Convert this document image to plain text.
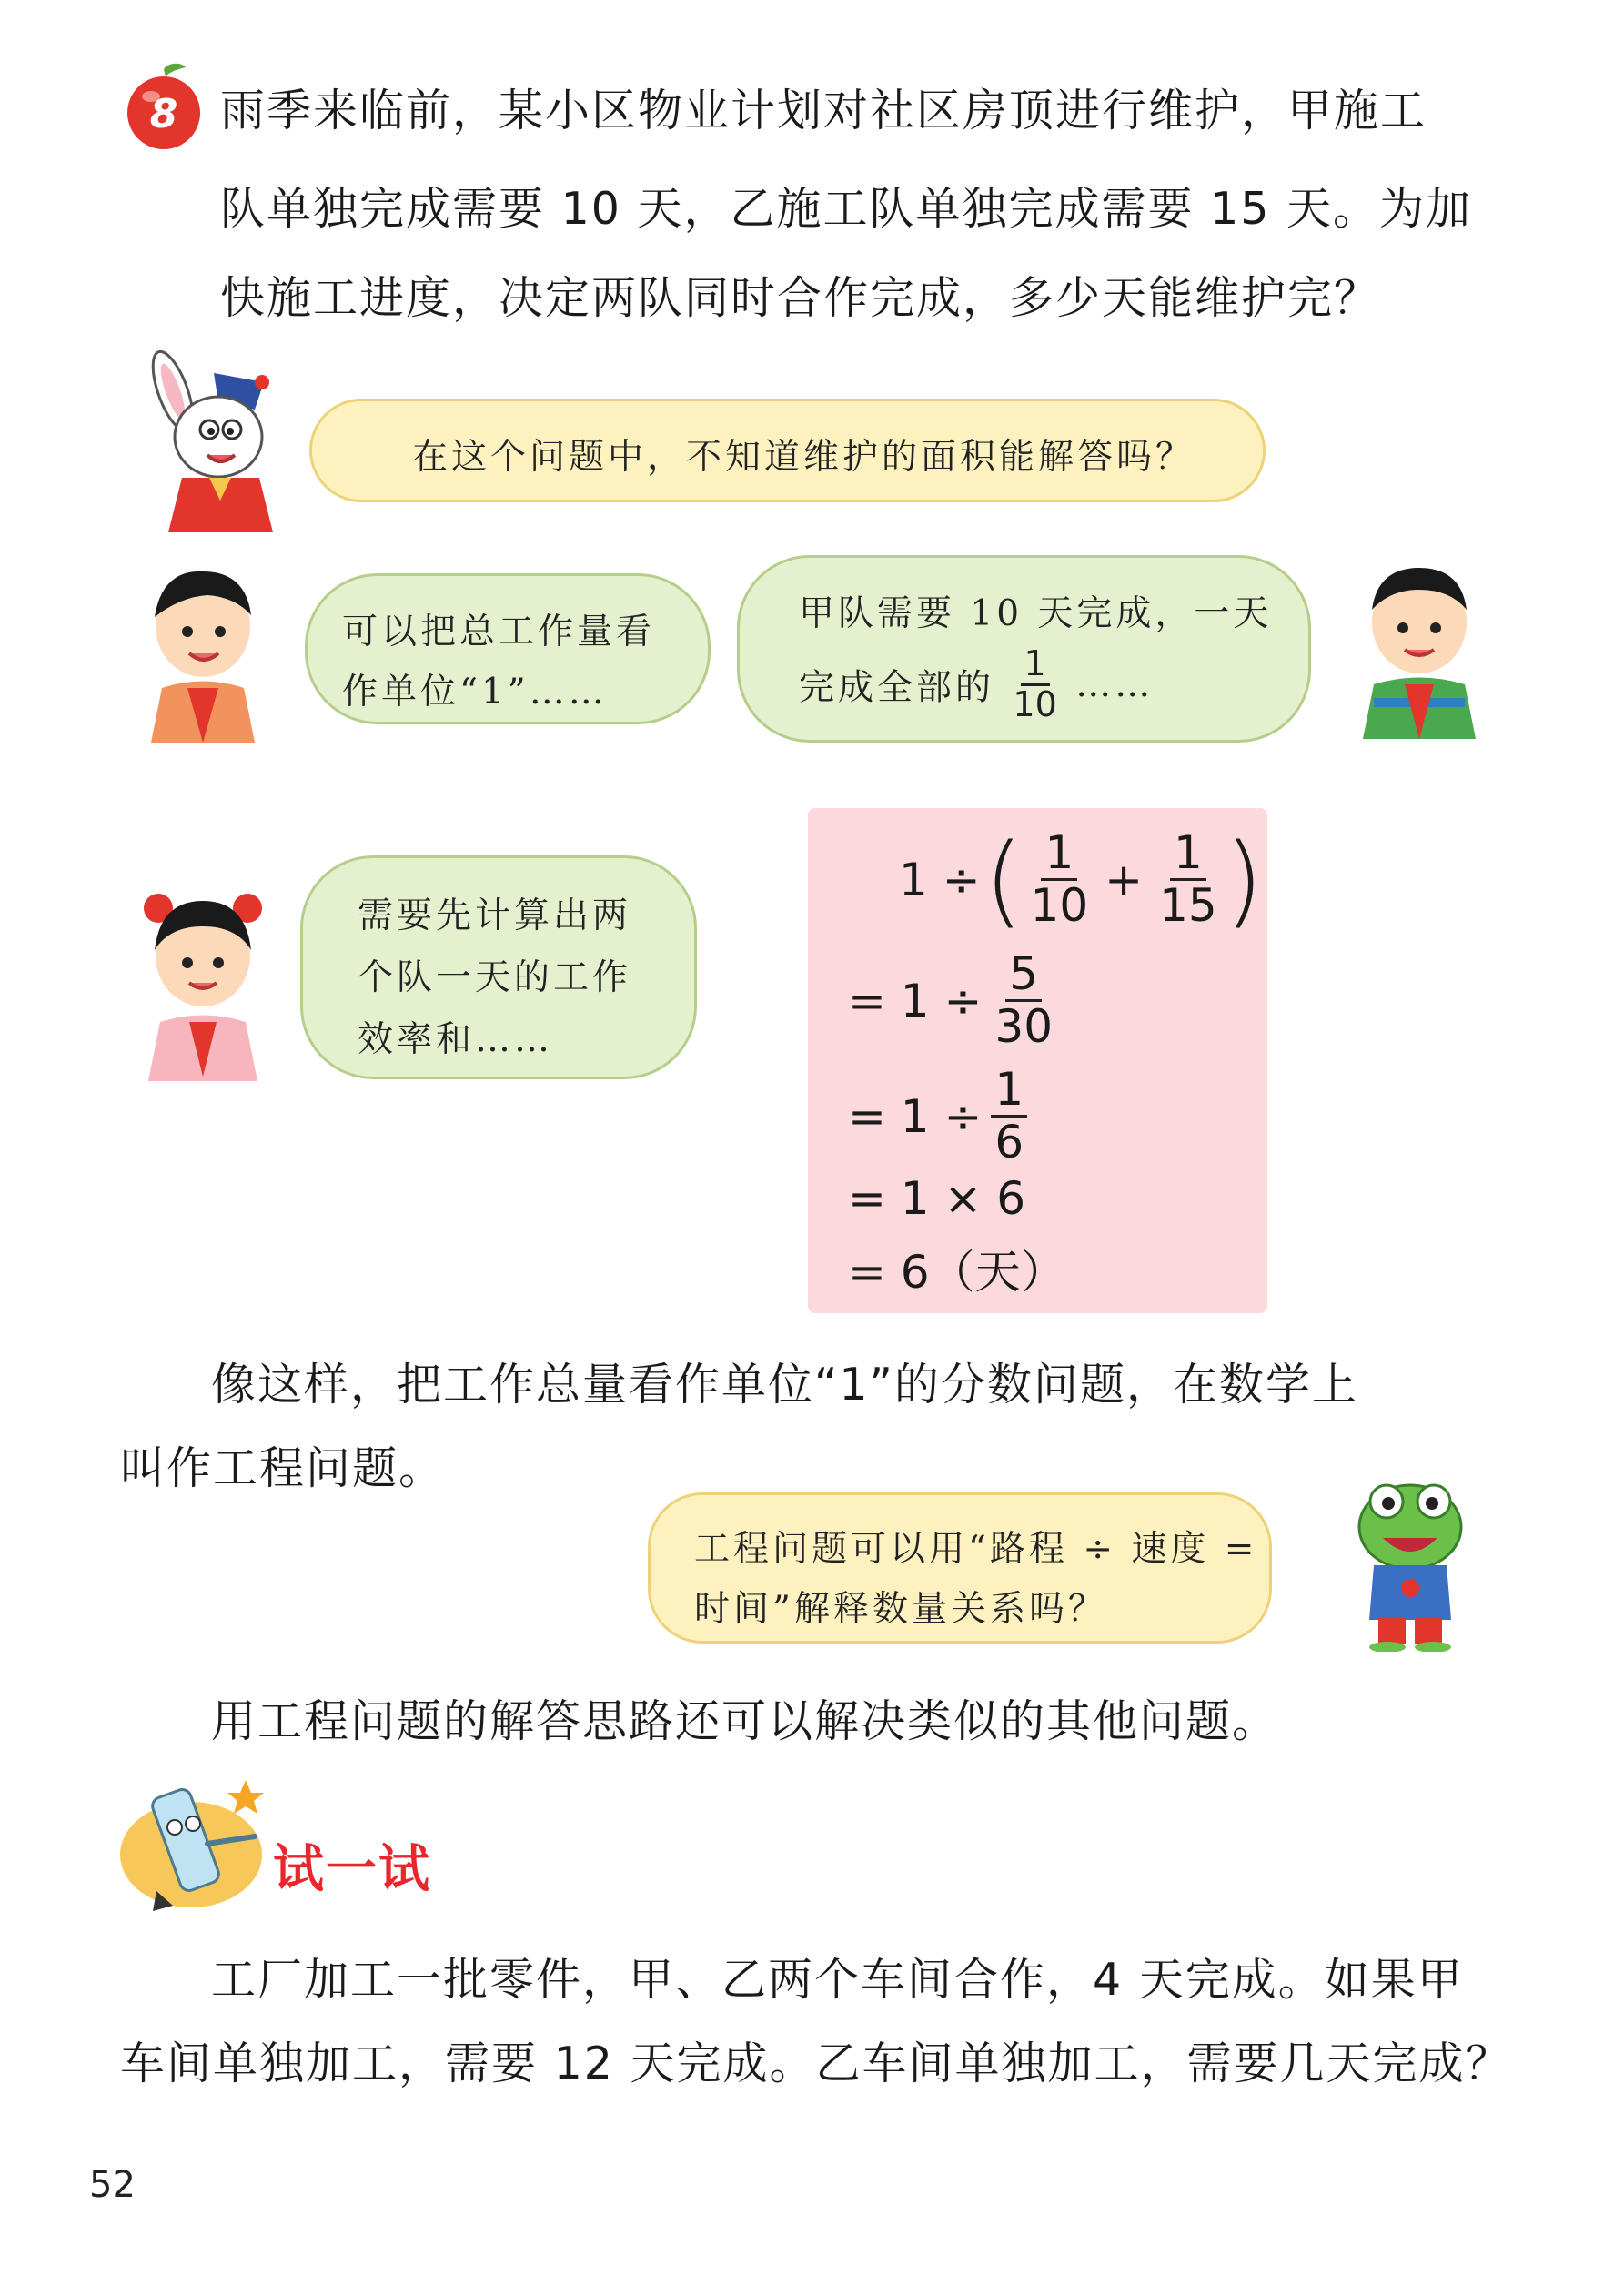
8 雨季来临前，某小区物业计划对社区房顶进行维护，甲施工
队单独完成需要 10 天，乙施工队单独完成需要 15 天。为加
快施工进度，决定两队同时合作完成，多少天能维护完？
在这个问题中，不知道维护的面积能解答吗？
可以把总工作量看
作单位“1”……
甲队需要 10 天完成，一天
完成全部的 $\frac{1}{10}$ ……
需要先计算出两
个队一天的工作
效率和……
1 ÷ ( $\frac{1}{10} + \frac{1}{15}$ )
= $1 \div \frac{5}{30}$
= $1 \div \frac{1}{6}$
= 1 × 6
= 6（天）
像这样，把工作总量看作单位“1”的分数问题，在数学上
叫作工程问题。
工程问题可以用“路程 ÷ 速度 =
时间”解释数量关系吗？
用工程问题的解答思路还可以解决类似的其他问题。
试一试
工厂加工一批零件，甲、乙两个车间合作，4 天完成。如果甲
车间单独加工，需要 12 天完成。乙车间单独加工，需要几天完成？
52
